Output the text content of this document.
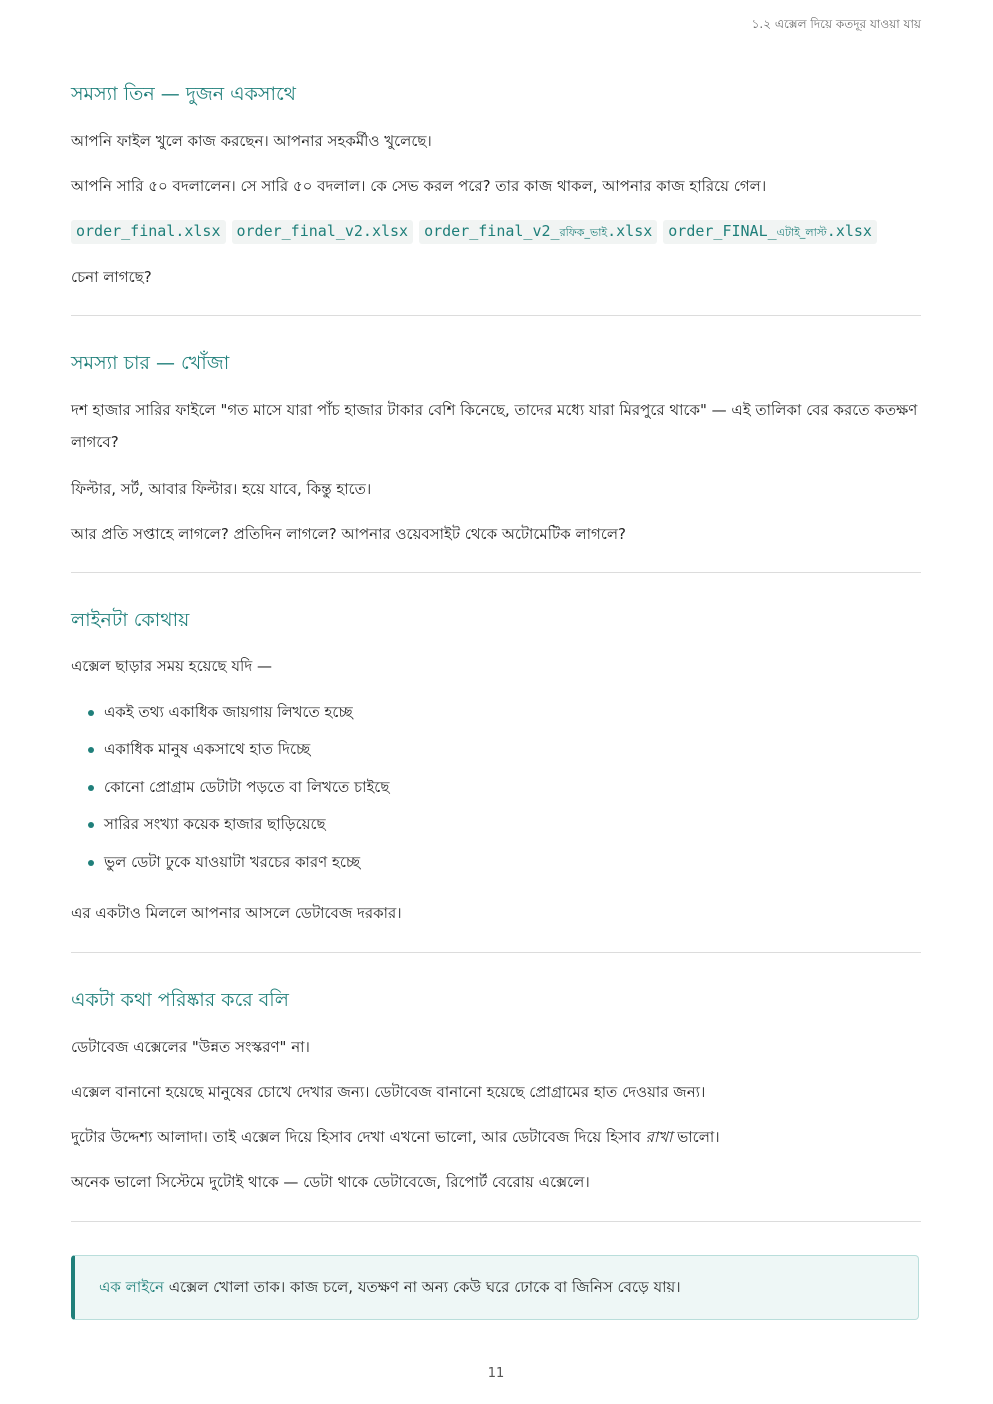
১.২ এক্সেল দিয়ে কতদূর যাওয়া যায়
সমস্যা তিন — দুজন একসাথে

আপনি ফাইল খুলে কাজ করছেন। আপনার সহকর্মীও খুলেছে।

আপনি সারি ৫০ বদলালেন। সে সারি ৫০ বদলাল। কে সেভ করল পরে? তার কাজ থাকল, আপনার কাজ হারিয়ে গেল।

order_final.xlsx	order_final_v2.xlsx	order_final_v2_রফিক_ভাই.xlsx	order_FINAL_এটাই_লাস্ট.xlsx

চেনা লাগছে?

সমস্যা চার — খোঁজা

দশ হাজার সারির ফাইলে "গত মাসে যারা পাঁচ হাজার টাকার বেশি কিনেছে, তাদের মধ্যে যারা মিরপুরে থাকে" — এই তালিকা বের করতে কতক্ষণ লাগবে?

ফিল্টার, সর্ট, আবার ফিল্টার। হয়ে যাবে, কিন্তু হাতে।

আর প্রতি সপ্তাহে লাগলে? প্রতিদিন লাগলে? আপনার ওয়েবসাইট থেকে অটোমেটিক লাগলে?

লাইনটা কোথায়

এক্সেল ছাড়ার সময় হয়েছে যদি —

একই তথ্য একাধিক জায়গায় লিখতে হচ্ছে
একাধিক মানুষ একসাথে হাত দিচ্ছে
কোনো প্রোগ্রাম ডেটাটা পড়তে বা লিখতে চাইছে
সারির সংখ্যা কয়েক হাজার ছাড়িয়েছে
ভুল ডেটা ঢুকে যাওয়াটা খরচের কারণ হচ্ছে

এর একটাও মিললে আপনার আসলে ডেটাবেজ দরকার।

একটা কথা পরিষ্কার করে বলি

ডেটাবেজ এক্সেলের "উন্নত সংস্করণ" না।

এক্সেল বানানো হয়েছে মানুষের চোখে দেখার জন্য। ডেটাবেজ বানানো হয়েছে প্রোগ্রামের হাত দেওয়ার জন্য।

দুটোর উদ্দেশ্য আলাদা। তাই এক্সেল দিয়ে হিসাব দেখা এখনো ভালো, আর ডেটাবেজ দিয়ে হিসাব রাখা ভালো।

অনেক ভালো সিস্টেমে দুটোই থাকে — ডেটা থাকে ডেটাবেজে, রিপোর্ট বেরোয় এক্সেলে।

এক লাইনে এক্সেল খোলা তাক। কাজ চলে, যতক্ষণ না অন্য কেউ ঘরে ঢোকে বা জিনিস বেড়ে যায়।
11
